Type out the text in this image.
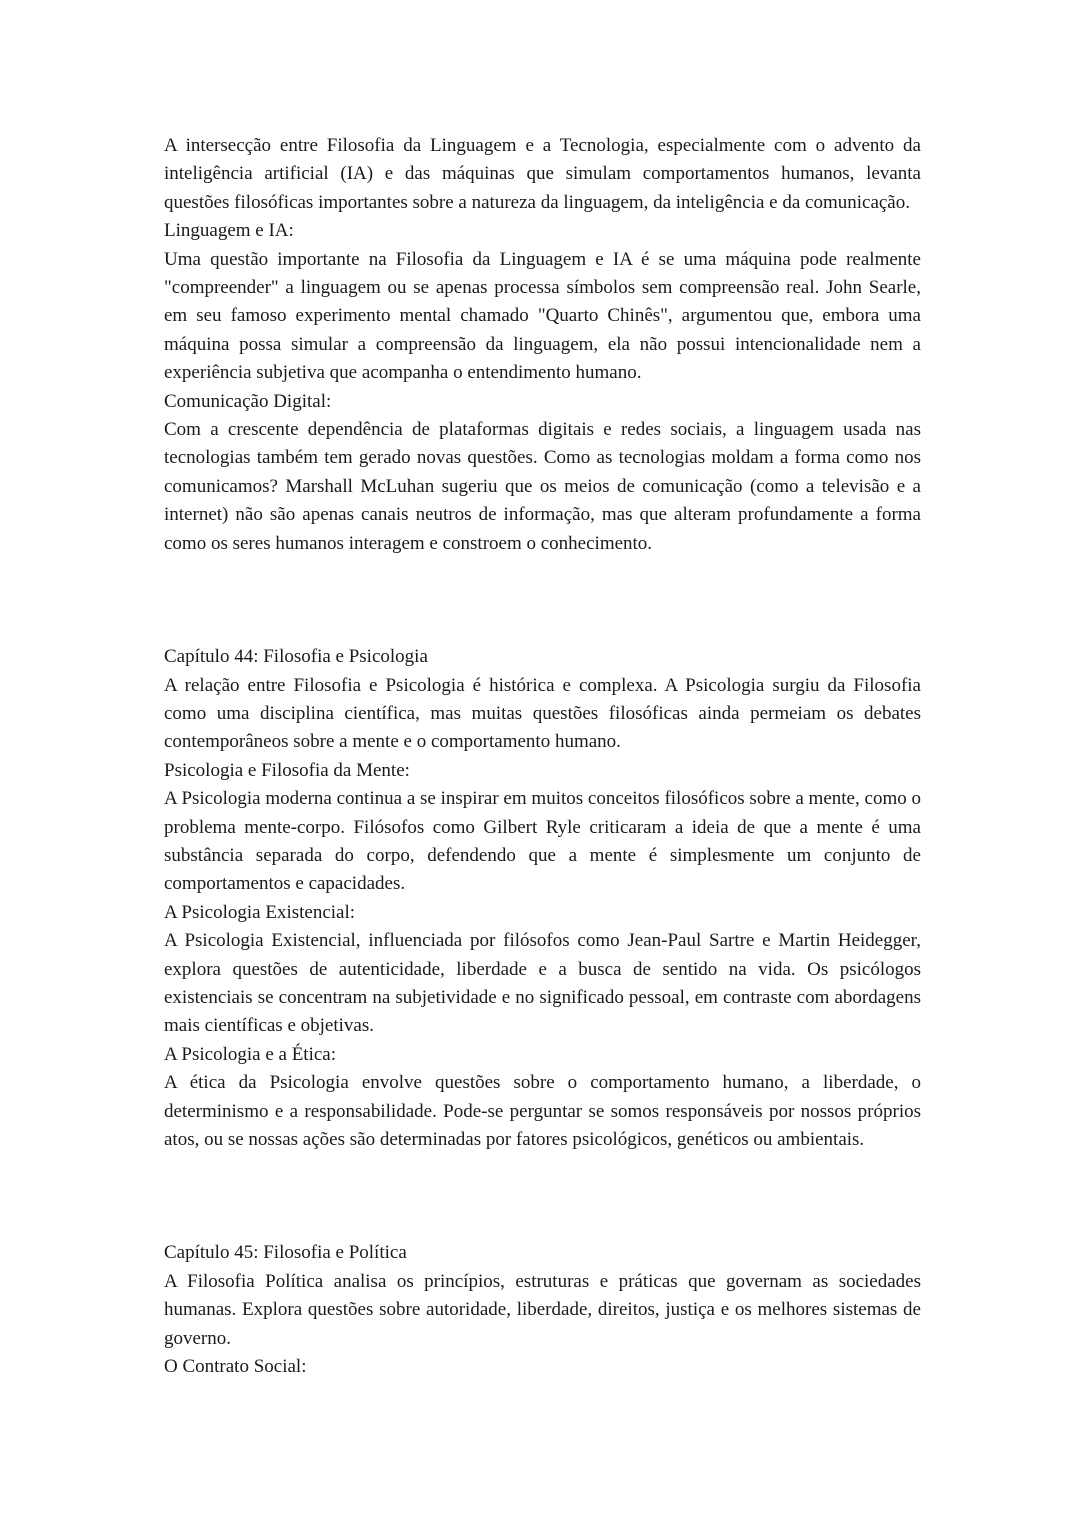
A intersecção entre Filosofia da Linguagem e a Tecnologia, especialmente com o advento da inteligência artificial (IA) e das máquinas que simulam comportamentos humanos, levanta questões filosóficas importantes sobre a natureza da linguagem, da inteligência e da comunicação.

Linguagem e IA:

Uma questão importante na Filosofia da Linguagem e IA é se uma máquina pode realmente "compreender" a linguagem ou se apenas processa símbolos sem compreensão real. John Searle, em seu famoso experimento mental chamado "Quarto Chinês", argumentou que, embora uma máquina possa simular a compreensão da linguagem, ela não possui intencionalidade nem a experiência subjetiva que acompanha o entendimento humano.

Comunicação Digital:

Com a crescente dependência de plataformas digitais e redes sociais, a linguagem usada nas tecnologias também tem gerado novas questões. Como as tecnologias moldam a forma como nos comunicamos? Marshall McLuhan sugeriu que os meios de comunicação (como a televisão e a internet) não são apenas canais neutros de informação, mas que alteram profundamente a forma como os seres humanos interagem e constroem o conhecimento.

Capítulo 44: Filosofia e Psicologia

A relação entre Filosofia e Psicologia é histórica e complexa. A Psicologia surgiu da Filosofia como uma disciplina científica, mas muitas questões filosóficas ainda permeiam os debates contemporâneos sobre a mente e o comportamento humano.

Psicologia e Filosofia da Mente:

A Psicologia moderna continua a se inspirar em muitos conceitos filosóficos sobre a mente, como o problema mente-corpo. Filósofos como Gilbert Ryle criticaram a ideia de que a mente é uma substância separada do corpo, defendendo que a mente é simplesmente um conjunto de comportamentos e capacidades.

A Psicologia Existencial:

A Psicologia Existencial, influenciada por filósofos como Jean-Paul Sartre e Martin Heidegger, explora questões de autenticidade, liberdade e a busca de sentido na vida. Os psicólogos existenciais se concentram na subjetividade e no significado pessoal, em contraste com abordagens mais científicas e objetivas.

A Psicologia e a Ética:

A ética da Psicologia envolve questões sobre o comportamento humano, a liberdade, o determinismo e a responsabilidade. Pode-se perguntar se somos responsáveis por nossos próprios atos, ou se nossas ações são determinadas por fatores psicológicos, genéticos ou ambientais.

Capítulo 45: Filosofia e Política

A Filosofia Política analisa os princípios, estruturas e práticas que governam as sociedades humanas. Explora questões sobre autoridade, liberdade, direitos, justiça e os melhores sistemas de governo.

O Contrato Social:
